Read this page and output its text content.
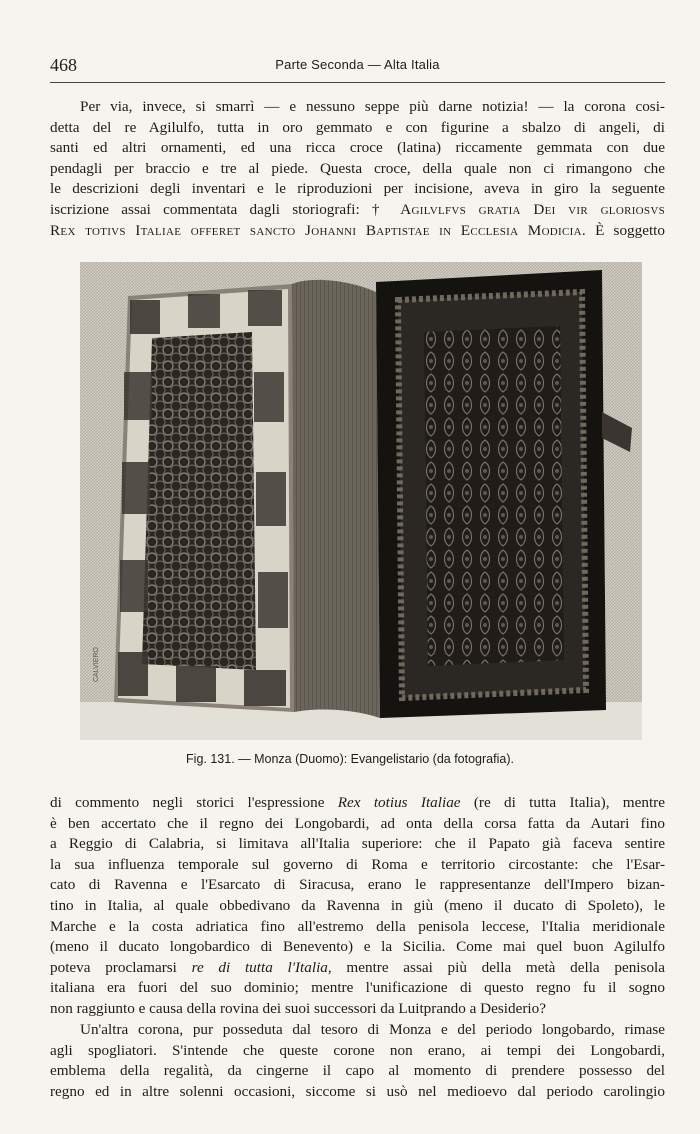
468	Parte Seconda — Alta Italia
Per via, invece, si smarrì — e nessuno seppe più darne notizia! — la corona cosi-
detta del re Agilulfo, tutta in oro gemmato e con figurine a sbalzo di angeli, di
santi ed altri ornamenti, ed una ricca croce (latina) riccamente gemmata con due
pendagli per braccio e tre al piede. Questa croce, della quale non ci rimangono che
le descrizioni degli inventari e le riproduzioni per incisione, aveva in giro la seguente
iscrizione assai commentata dagli storiografi: † Agilvlfvs gratia Dei vir gloriosvs
Rex totivs Italiae offeret sancto Johanni Baptistae in Ecclesia Modicia. È soggetto
CALVIERO
Fig. 131. — Monza (Duomo): Evangelistario (da fotografia).
di commento negli storici l'espressione Rex totius Italiae (re di tutta Italia), mentre
è ben accertato che il regno dei Longobardi, ad onta della corsa fatta da Autari fino
a Reggio di Calabria, si limitava all'Italia superiore: che il Papato già faceva sentire
la sua influenza temporale sul governo di Roma e territorio circostante: che l'Esar-
cato di Ravenna e l'Esarcato di Siracusa, erano le rappresentanze dell'Impero bizan-
tino in Italia, al quale obbedivano da Ravenna in giù (meno il ducato di Spoleto), le
Marche e la costa adriatica fino all'estremo della penisola leccese, l'Italia meridionale
(meno il ducato longobardico di Benevento) e la Sicilia. Come mai quel buon Agilulfo
poteva proclamarsi re di tutta l'Italia, mentre assai più della metà della penisola
italiana era fuori del suo dominio; mentre l'unificazione di questo regno fu il sogno
non raggiunto e causa della rovina dei suoi successori da Luitprando a Desiderio?
Un'altra corona, pur posseduta dal tesoro di Monza e del periodo longobardo, rimase
agli spogliatori. S'intende che queste corone non erano, ai tempi dei Longobardi,
emblema della regalità, da cingerne il capo al momento di prendere possesso del
regno ed in altre solenni occasioni, siccome si usò nel medioevo dal periodo carolingio
